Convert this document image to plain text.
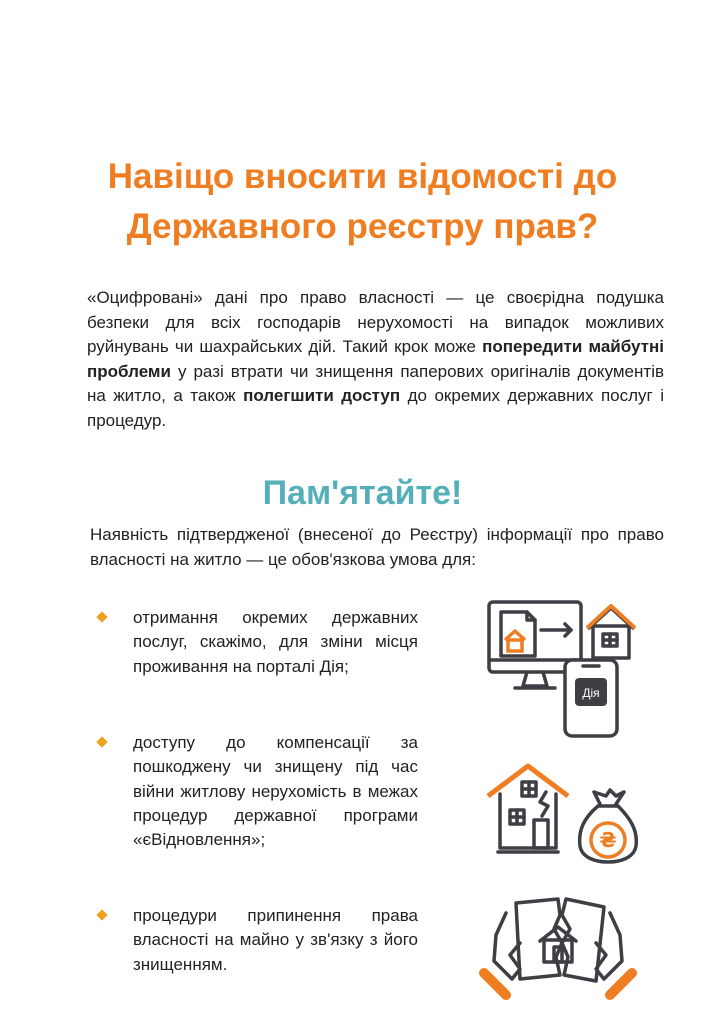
Навіщо вносити відомості до
Державного реєстру прав?

«Оцифровані» дані про право власності — це своєрідна подушка безпеки для всіх господарів нерухомості на випадок можливих руйнувань чи шахрайських дій. Такий крок може попередити майбутні проблеми у разі втрати чи знищення паперових оригіналів документів на житло, а також полегшити доступ до окремих державних послуг і процедур.

Пам'ятайте!

Наявність підтвердженої (внесеної до Реєстру) інформації про право власності на житло — це обов'язкова умова для:

отримання окремих державних послуг, скажімо, для зміни місця проживання на порталі Дія;

доступу до компенсації за пошкоджену чи знищену під час війни житлову нерухомість в межах процедур державної програми «єВідновлення»;

процедури припинення права власності на майно у зв'язку з його знищенням.

Дія
₴
